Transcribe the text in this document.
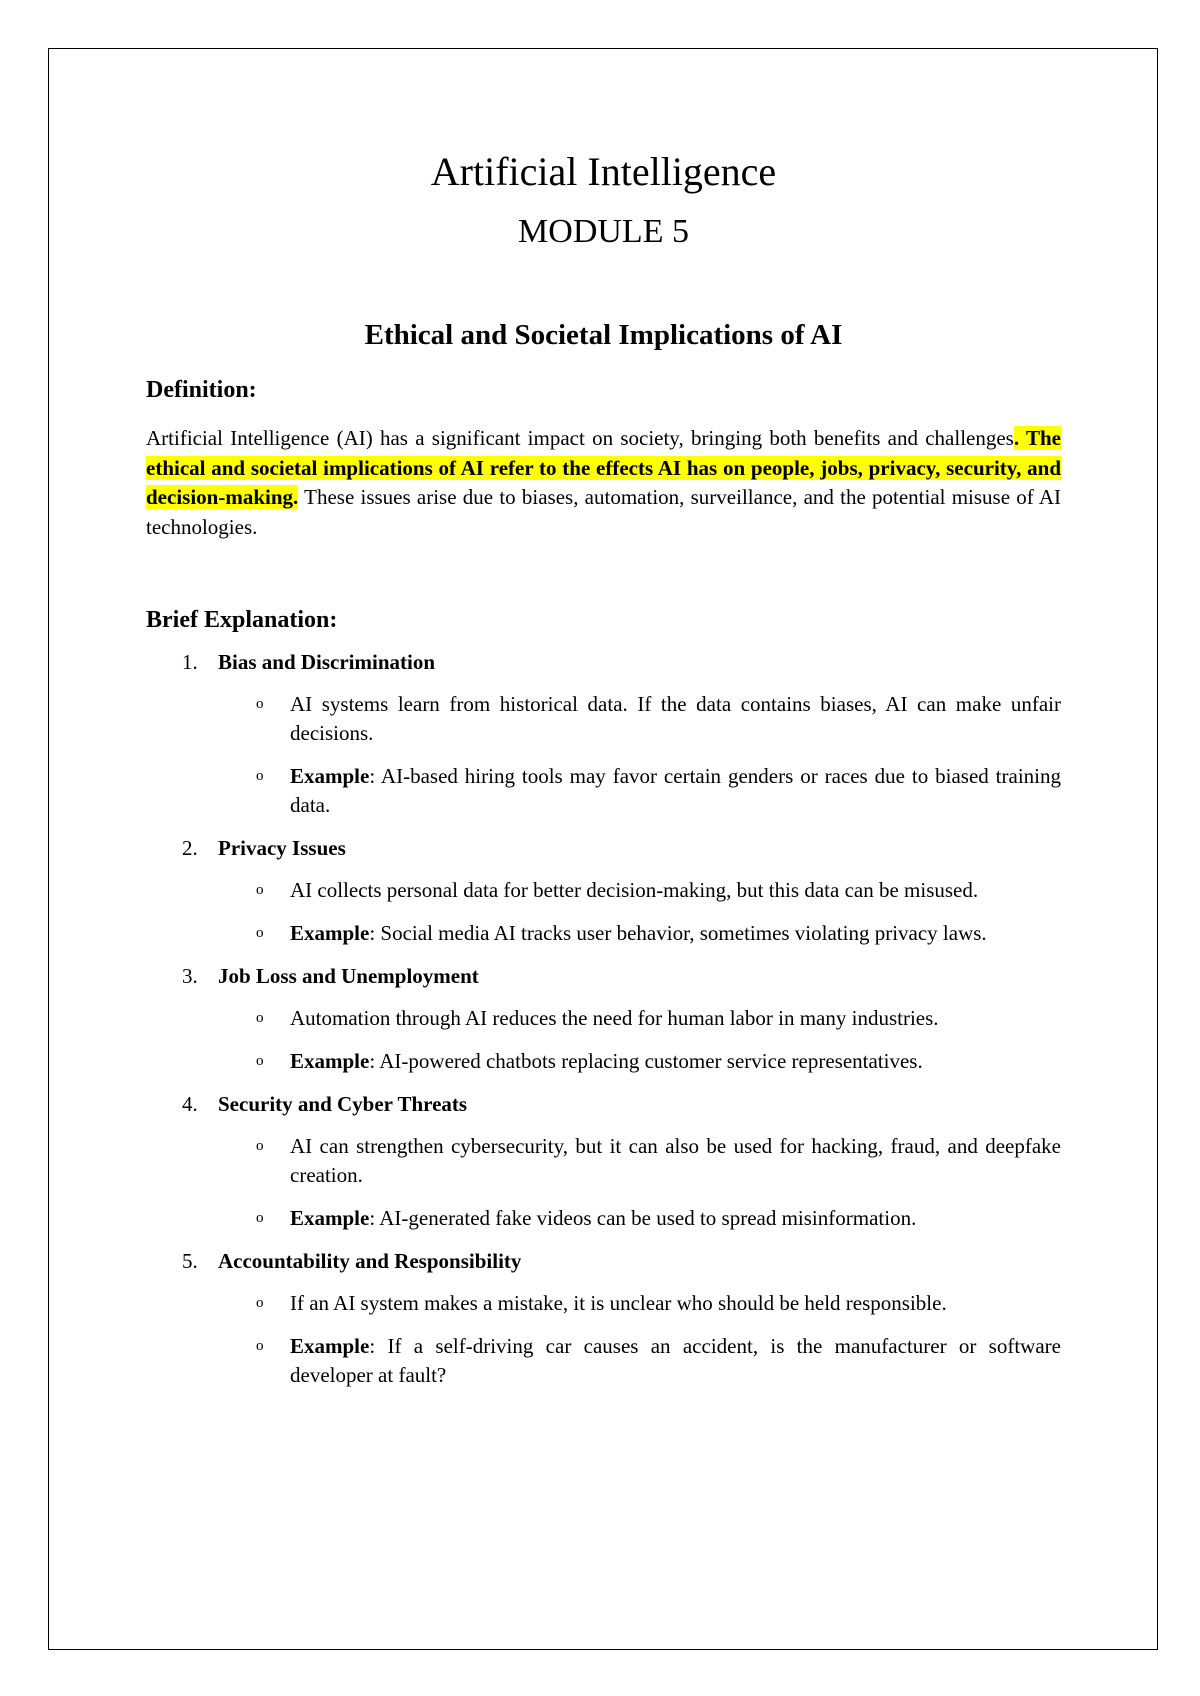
Artificial Intelligence
MODULE 5
Ethical and Societal Implications of AI
Definition:

Artificial Intelligence (AI) has a significant impact on society, bringing both benefits and challenges. The ethical and societal implications of AI refer to the effects AI has on people, jobs, privacy, security, and decision-making. These issues arise due to biases, automation, surveillance, and the potential misuse of AI technologies.

Brief Explanation:
1. Bias and Discrimination
o	AI systems learn from historical data. If the data contains biases, AI can make unfair decisions.
o	Example: AI-based hiring tools may favor certain genders or races due to biased training data.
2. Privacy Issues
o	AI collects personal data for better decision-making, but this data can be misused.
o	Example: Social media AI tracks user behavior, sometimes violating privacy laws.
3. Job Loss and Unemployment
o	Automation through AI reduces the need for human labor in many industries.
o	Example: AI-powered chatbots replacing customer service representatives.
4. Security and Cyber Threats
o	AI can strengthen cybersecurity, but it can also be used for hacking, fraud, and deepfake creation.
o	Example: AI-generated fake videos can be used to spread misinformation.
5. Accountability and Responsibility
o	If an AI system makes a mistake, it is unclear who should be held responsible.
o	Example: If a self-driving car causes an accident, is the manufacturer or software developer at fault?
